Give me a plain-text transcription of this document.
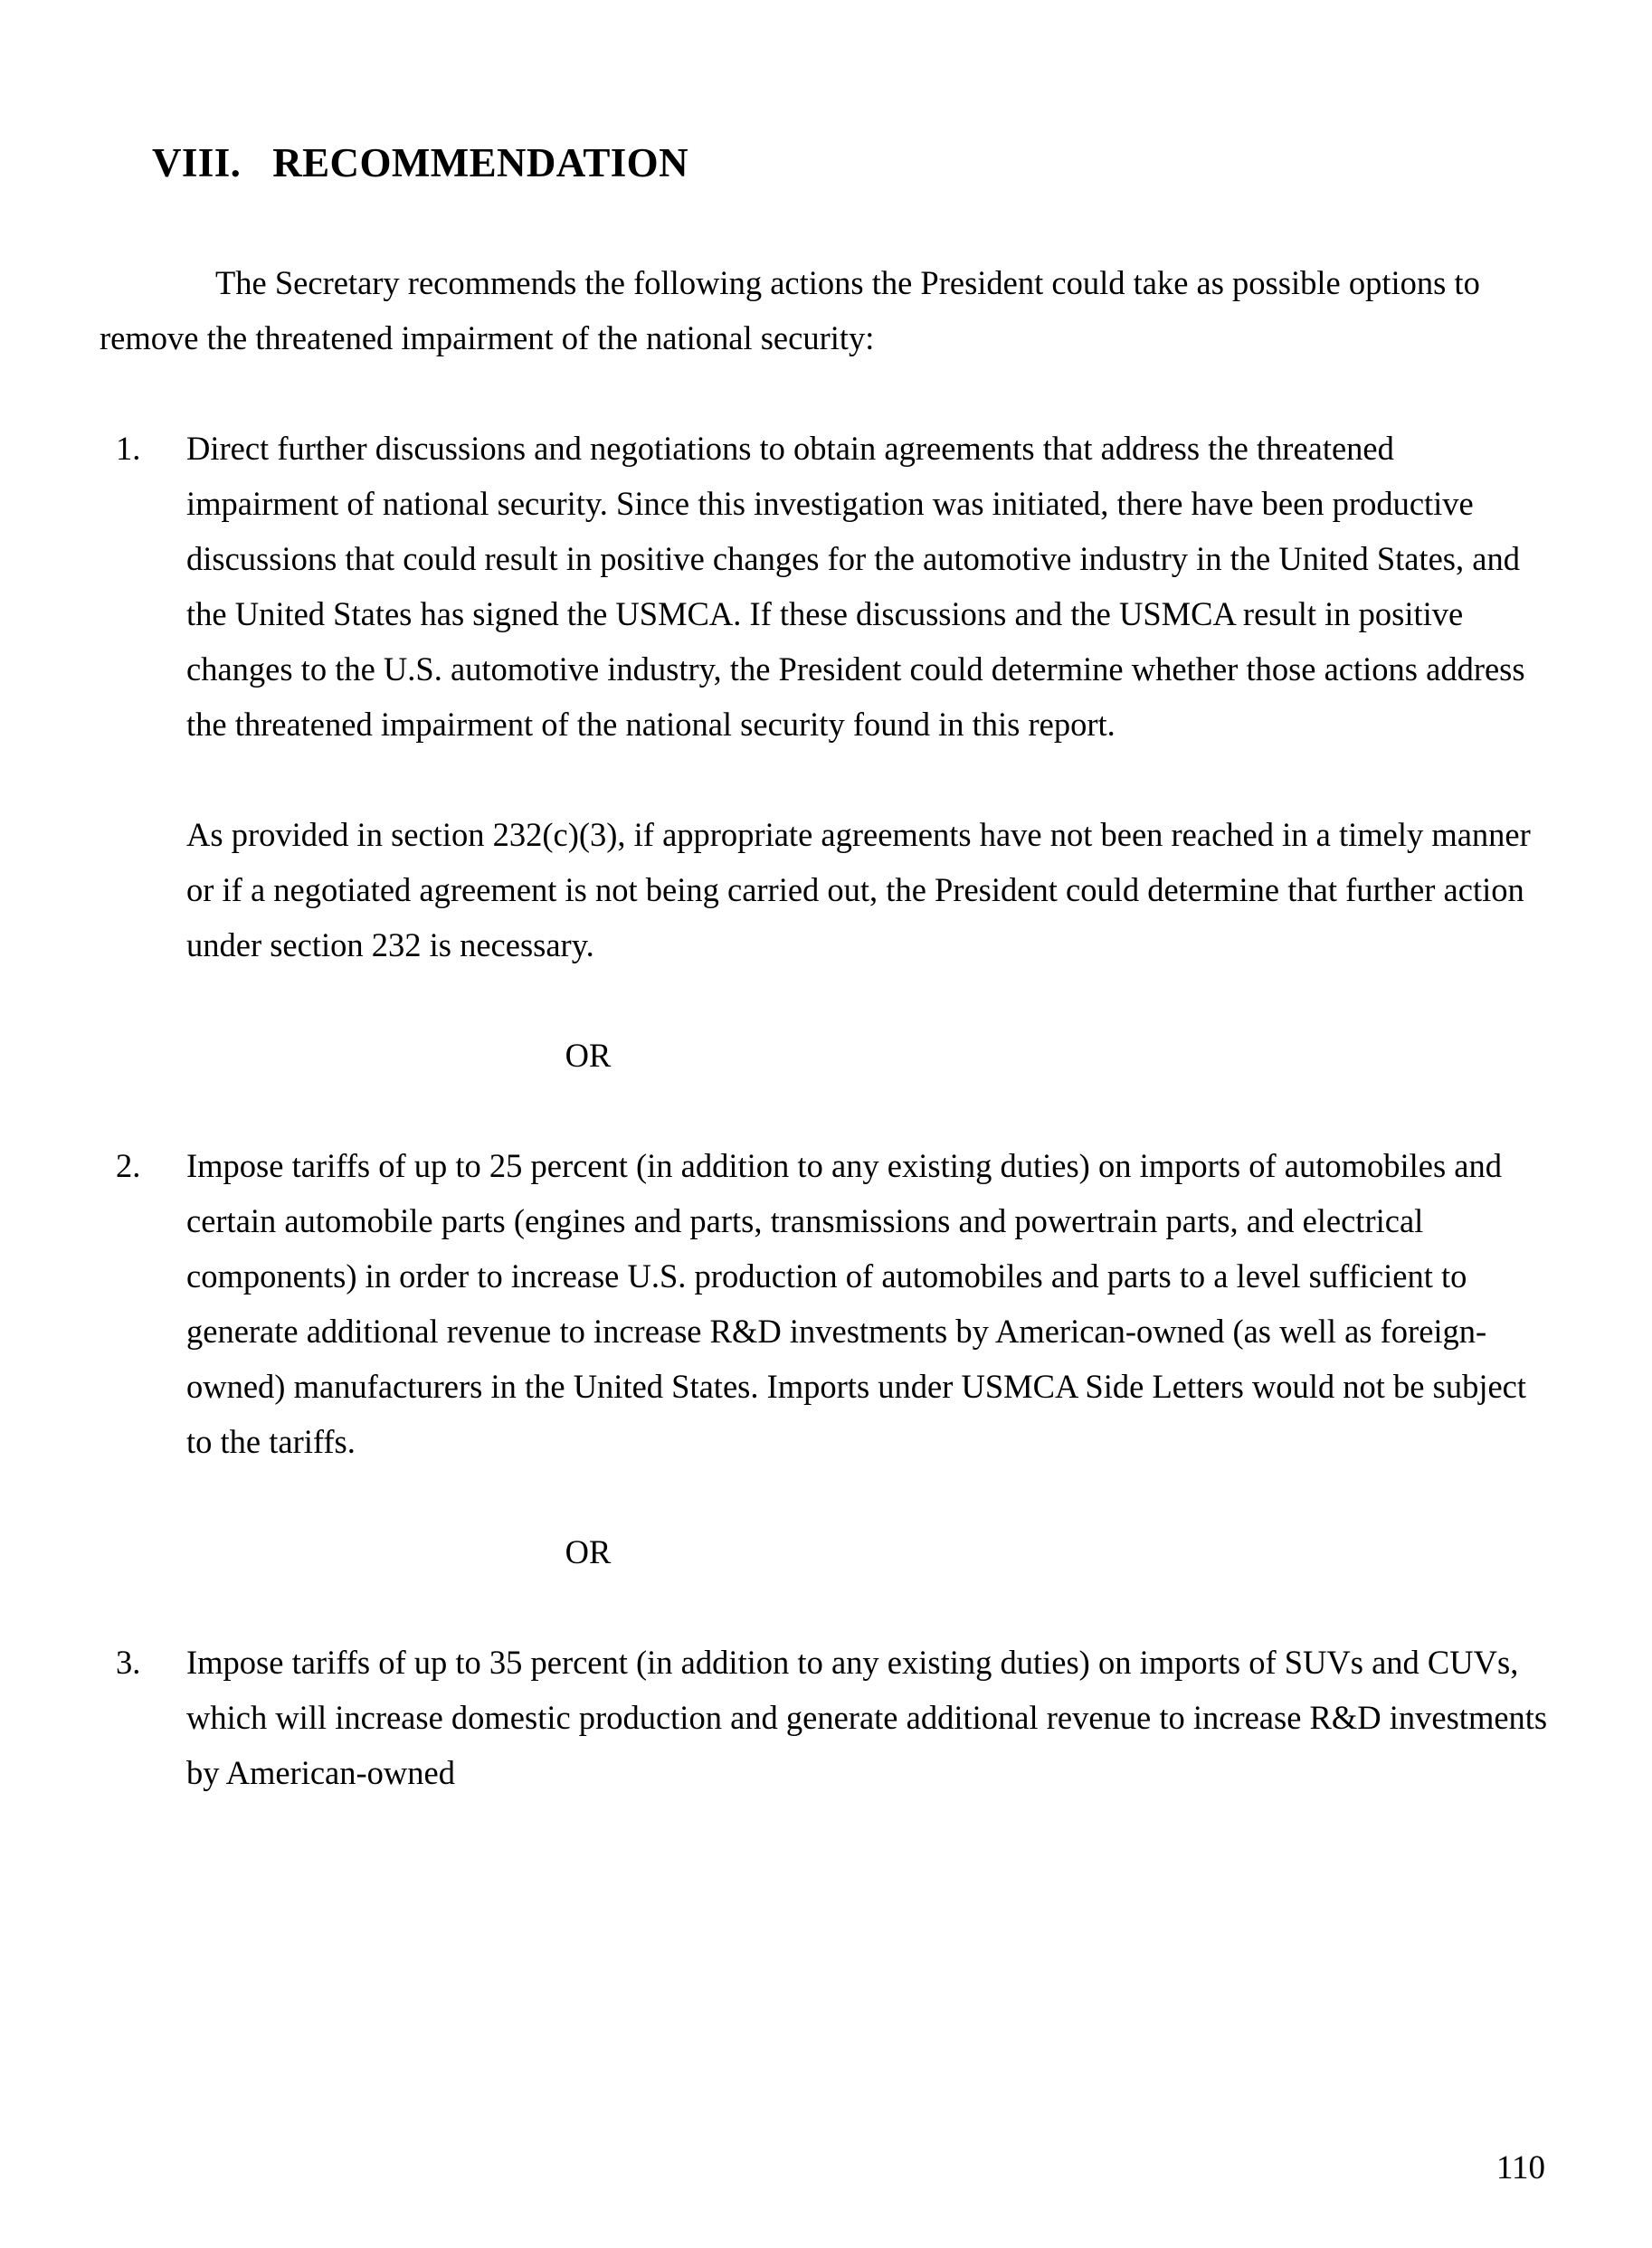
VIII.   RECOMMENDATION

The Secretary recommends the following actions the President could take as possible options to remove the threatened impairment of the national security:

1.	Direct further discussions and negotiations to obtain agreements that address the threatened impairment of national security. Since this investigation was initiated, there have been productive discussions that could result in positive changes for the automotive industry in the United States, and the United States has signed the USMCA. If these discussions and the USMCA result in positive changes to the U.S. automotive industry, the President could determine whether those actions address the threatened impairment of the national security found in this report.

As provided in section 232(c)(3), if appropriate agreements have not been reached in a timely manner or if a negotiated agreement is not being carried out, the President could determine that further action under section 232 is necessary.

OR

2.	Impose tariffs of up to 25 percent (in addition to any existing duties) on imports of automobiles and certain automobile parts (engines and parts, transmissions and powertrain parts, and electrical components) in order to increase U.S. production of automobiles and parts to a level sufficient to generate additional revenue to increase R&D investments by American-owned (as well as foreign-owned) manufacturers in the United States. Imports under USMCA Side Letters would not be subject to the tariffs.

OR

3.	Impose tariffs of up to 35 percent (in addition to any existing duties) on imports of SUVs and CUVs, which will increase domestic production and generate additional revenue to increase R&D investments by American-owned

110
